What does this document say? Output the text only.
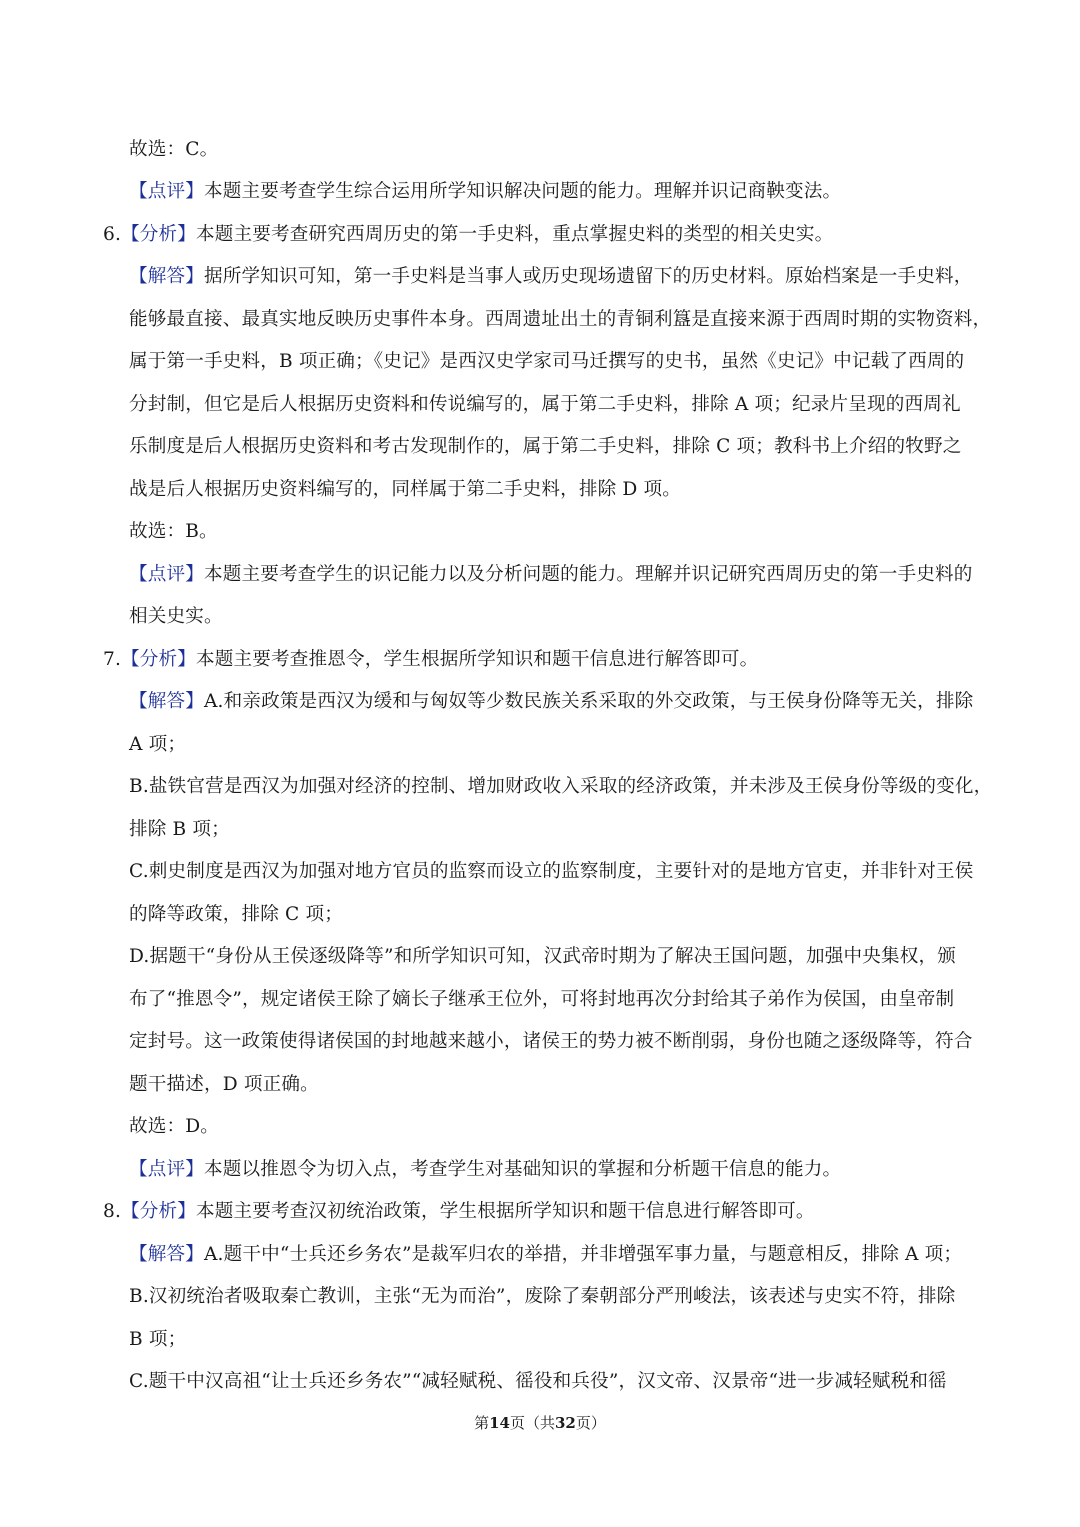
故选：C。
【点评】本题主要考查学生综合运用所学知识解决问题的能力。理解并识记商鞅变法。
6.【分析】本题主要考查研究西周历史的第一手史料，重点掌握史料的类型的相关史实。
【解答】据所学知识可知，第一手史料是当事人或历史现场遗留下的历史材料。原始档案是一手史料，
能够最直接、最真实地反映历史事件本身。西周遗址出土的青铜利簋是直接来源于西周时期的实物资料，
属于第一手史料，B 项正确；《史记》是西汉史学家司马迁撰写的史书，虽然《史记》中记载了西周的
分封制，但它是后人根据历史资料和传说编写的，属于第二手史料，排除 A 项；纪录片呈现的西周礼
乐制度是后人根据历史资料和考古发现制作的，属于第二手史料，排除 C 项；教科书上介绍的牧野之
战是后人根据历史资料编写的，同样属于第二手史料，排除 D 项。
故选：B。
【点评】本题主要考查学生的识记能力以及分析问题的能力。理解并识记研究西周历史的第一手史料的
相关史实。
7.【分析】本题主要考查推恩令，学生根据所学知识和题干信息进行解答即可。
【解答】A.和亲政策是西汉为缓和与匈奴等少数民族关系采取的外交政策，与王侯身份降等无关，排除
A 项；
B.盐铁官营是西汉为加强对经济的控制、增加财政收入采取的经济政策，并未涉及王侯身份等级的变化，
排除 B 项；
C.刺史制度是西汉为加强对地方官员的监察而设立的监察制度，主要针对的是地方官吏，并非针对王侯
的降等政策，排除 C 项；
D.据题干“身份从王侯逐级降等”和所学知识可知，汉武帝时期为了解决王国问题，加强中央集权，颁
布了“推恩令”，规定诸侯王除了嫡长子继承王位外，可将封地再次分封给其子弟作为侯国，由皇帝制
定封号。这一政策使得诸侯国的封地越来越小，诸侯王的势力被不断削弱，身份也随之逐级降等，符合
题干描述，D 项正确。
故选：D。
【点评】本题以推恩令为切入点，考查学生对基础知识的掌握和分析题干信息的能力。
8.【分析】本题主要考查汉初统治政策，学生根据所学知识和题干信息进行解答即可。
【解答】A.题干中“士兵还乡务农”是裁军归农的举措，并非增强军事力量，与题意相反，排除 A 项；
B.汉初统治者吸取秦亡教训，主张“无为而治”，废除了秦朝部分严刑峻法，该表述与史实不符，排除
B 项；
C.题干中汉高祖“让士兵还乡务农”“减轻赋税、徭役和兵役”，汉文帝、汉景帝“进一步减轻赋税和徭
第14页（共32页）
